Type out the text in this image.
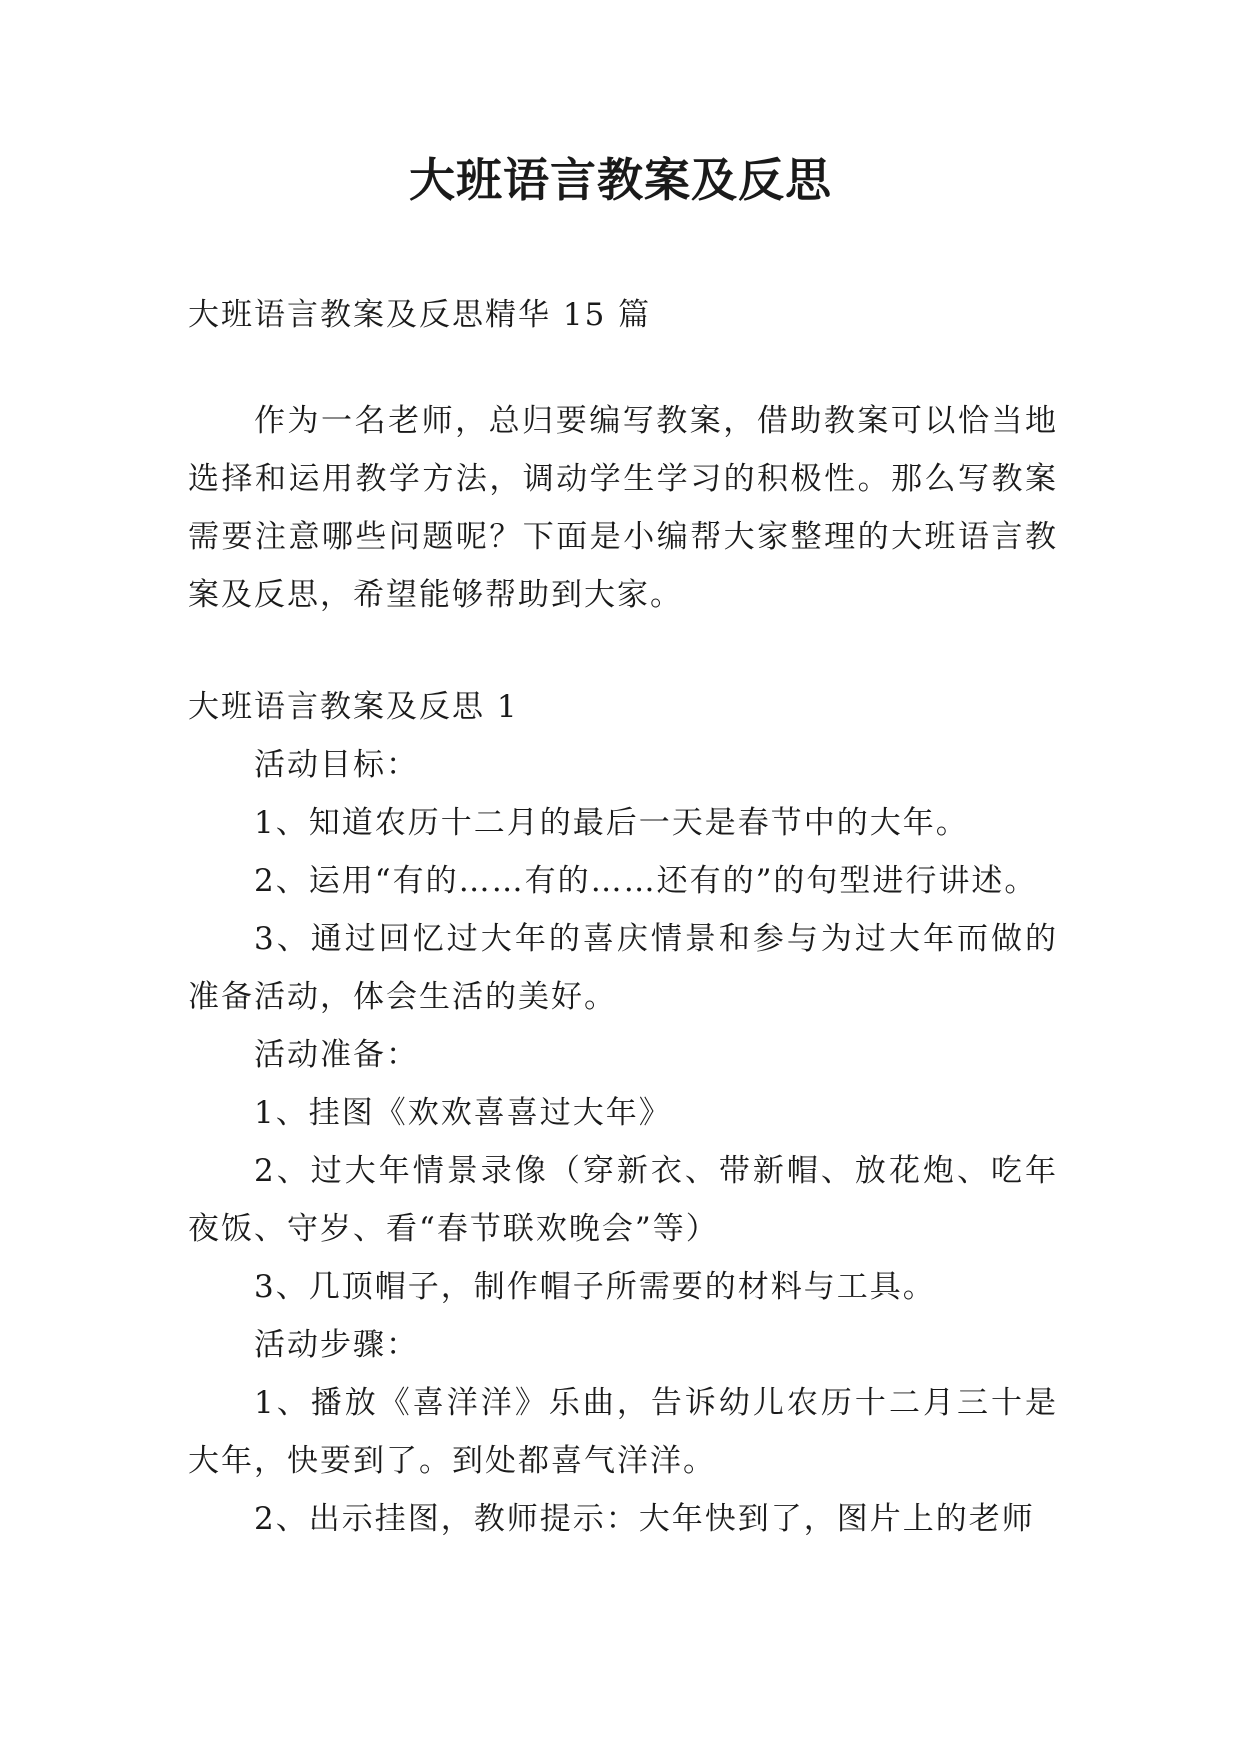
大班语言教案及反思

大班语言教案及反思精华 15 篇

作为一名老师，总归要编写教案，借助教案可以恰当地选择和运用教学方法，调动学生学习的积极性。那么写教案需要注意哪些问题呢？下面是小编帮大家整理的大班语言教案及反思，希望能够帮助到大家。

大班语言教案及反思 1

活动目标：

1、知道农历十二月的最后一天是春节中的大年。

2、运用“有的……有的……还有的”的句型进行讲述。

3、通过回忆过大年的喜庆情景和参与为过大年而做的准备活动，体会生活的美好。

活动准备：

1、挂图《欢欢喜喜过大年》

2、过大年情景录像（穿新衣、带新帽、放花炮、吃年夜饭、守岁、看“春节联欢晚会”等）

3、几顶帽子，制作帽子所需要的材料与工具。

活动步骤：

1、播放《喜洋洋》乐曲，告诉幼儿农历十二月三十是大年，快要到了。到处都喜气洋洋。

2、出示挂图，教师提示：大年快到了，图片上的老师
